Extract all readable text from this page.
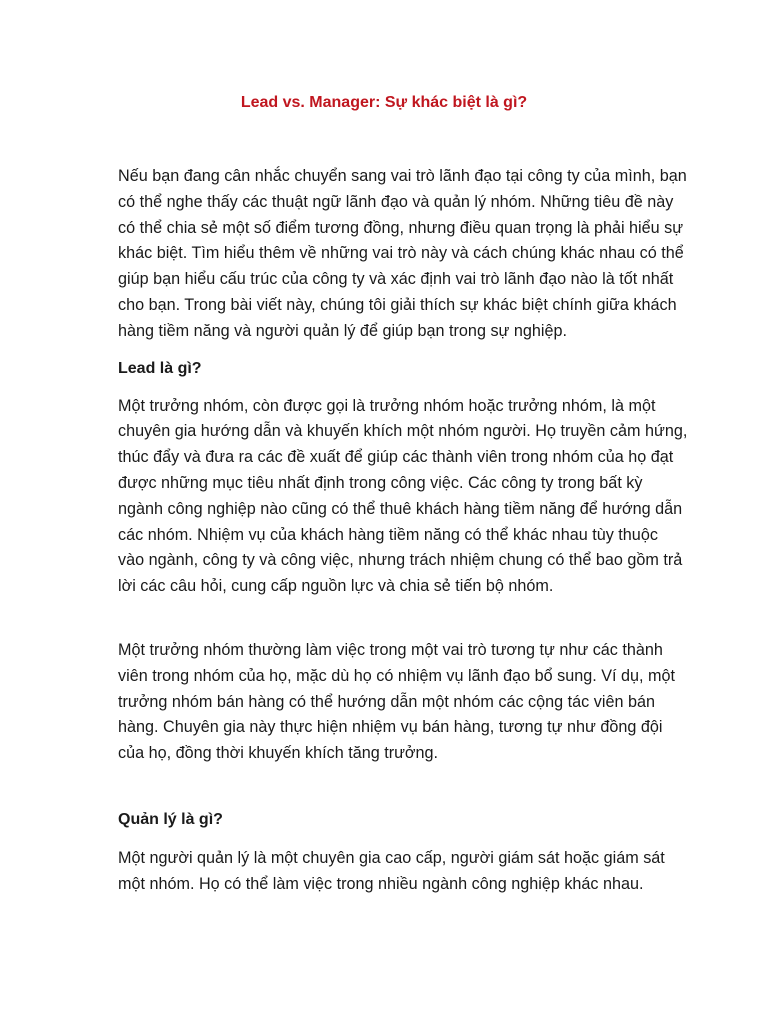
Lead vs. Manager: Sự khác biệt là gì?

Nếu bạn đang cân nhắc chuyển sang vai trò lãnh đạo tại công ty của mình, bạn có thể nghe thấy các thuật ngữ lãnh đạo và quản lý nhóm. Những tiêu đề này có thể chia sẻ một số điểm tương đồng, nhưng điều quan trọng là phải hiểu sự khác biệt. Tìm hiểu thêm về những vai trò này và cách chúng khác nhau có thể giúp bạn hiểu cấu trúc của công ty và xác định vai trò lãnh đạo nào là tốt nhất cho bạn. Trong bài viết này, chúng tôi giải thích sự khác biệt chính giữa khách hàng tiềm năng và người quản lý để giúp bạn trong sự nghiệp.

Lead là gì?

Một trưởng nhóm, còn được gọi là trưởng nhóm hoặc trưởng nhóm, là một chuyên gia hướng dẫn và khuyến khích một nhóm người. Họ truyền cảm hứng, thúc đẩy và đưa ra các đề xuất để giúp các thành viên trong nhóm của họ đạt được những mục tiêu nhất định trong công việc. Các công ty trong bất kỳ ngành công nghiệp nào cũng có thể thuê khách hàng tiềm năng để hướng dẫn các nhóm. Nhiệm vụ của khách hàng tiềm năng có thể khác nhau tùy thuộc vào ngành, công ty và công việc, nhưng trách nhiệm chung có thể bao gồm trả lời các câu hỏi, cung cấp nguồn lực và chia sẻ tiến bộ nhóm.

Một trưởng nhóm thường làm việc trong một vai trò tương tự như các thành viên trong nhóm của họ, mặc dù họ có nhiệm vụ lãnh đạo bổ sung. Ví dụ, một trưởng nhóm bán hàng có thể hướng dẫn một nhóm các cộng tác viên bán hàng. Chuyên gia này thực hiện nhiệm vụ bán hàng, tương tự như đồng đội của họ, đồng thời khuyến khích tăng trưởng.

Quản lý là gì?

Một người quản lý là một chuyên gia cao cấp, người giám sát hoặc giám sát một nhóm. Họ có thể làm việc trong nhiều ngành công nghiệp khác nhau.
